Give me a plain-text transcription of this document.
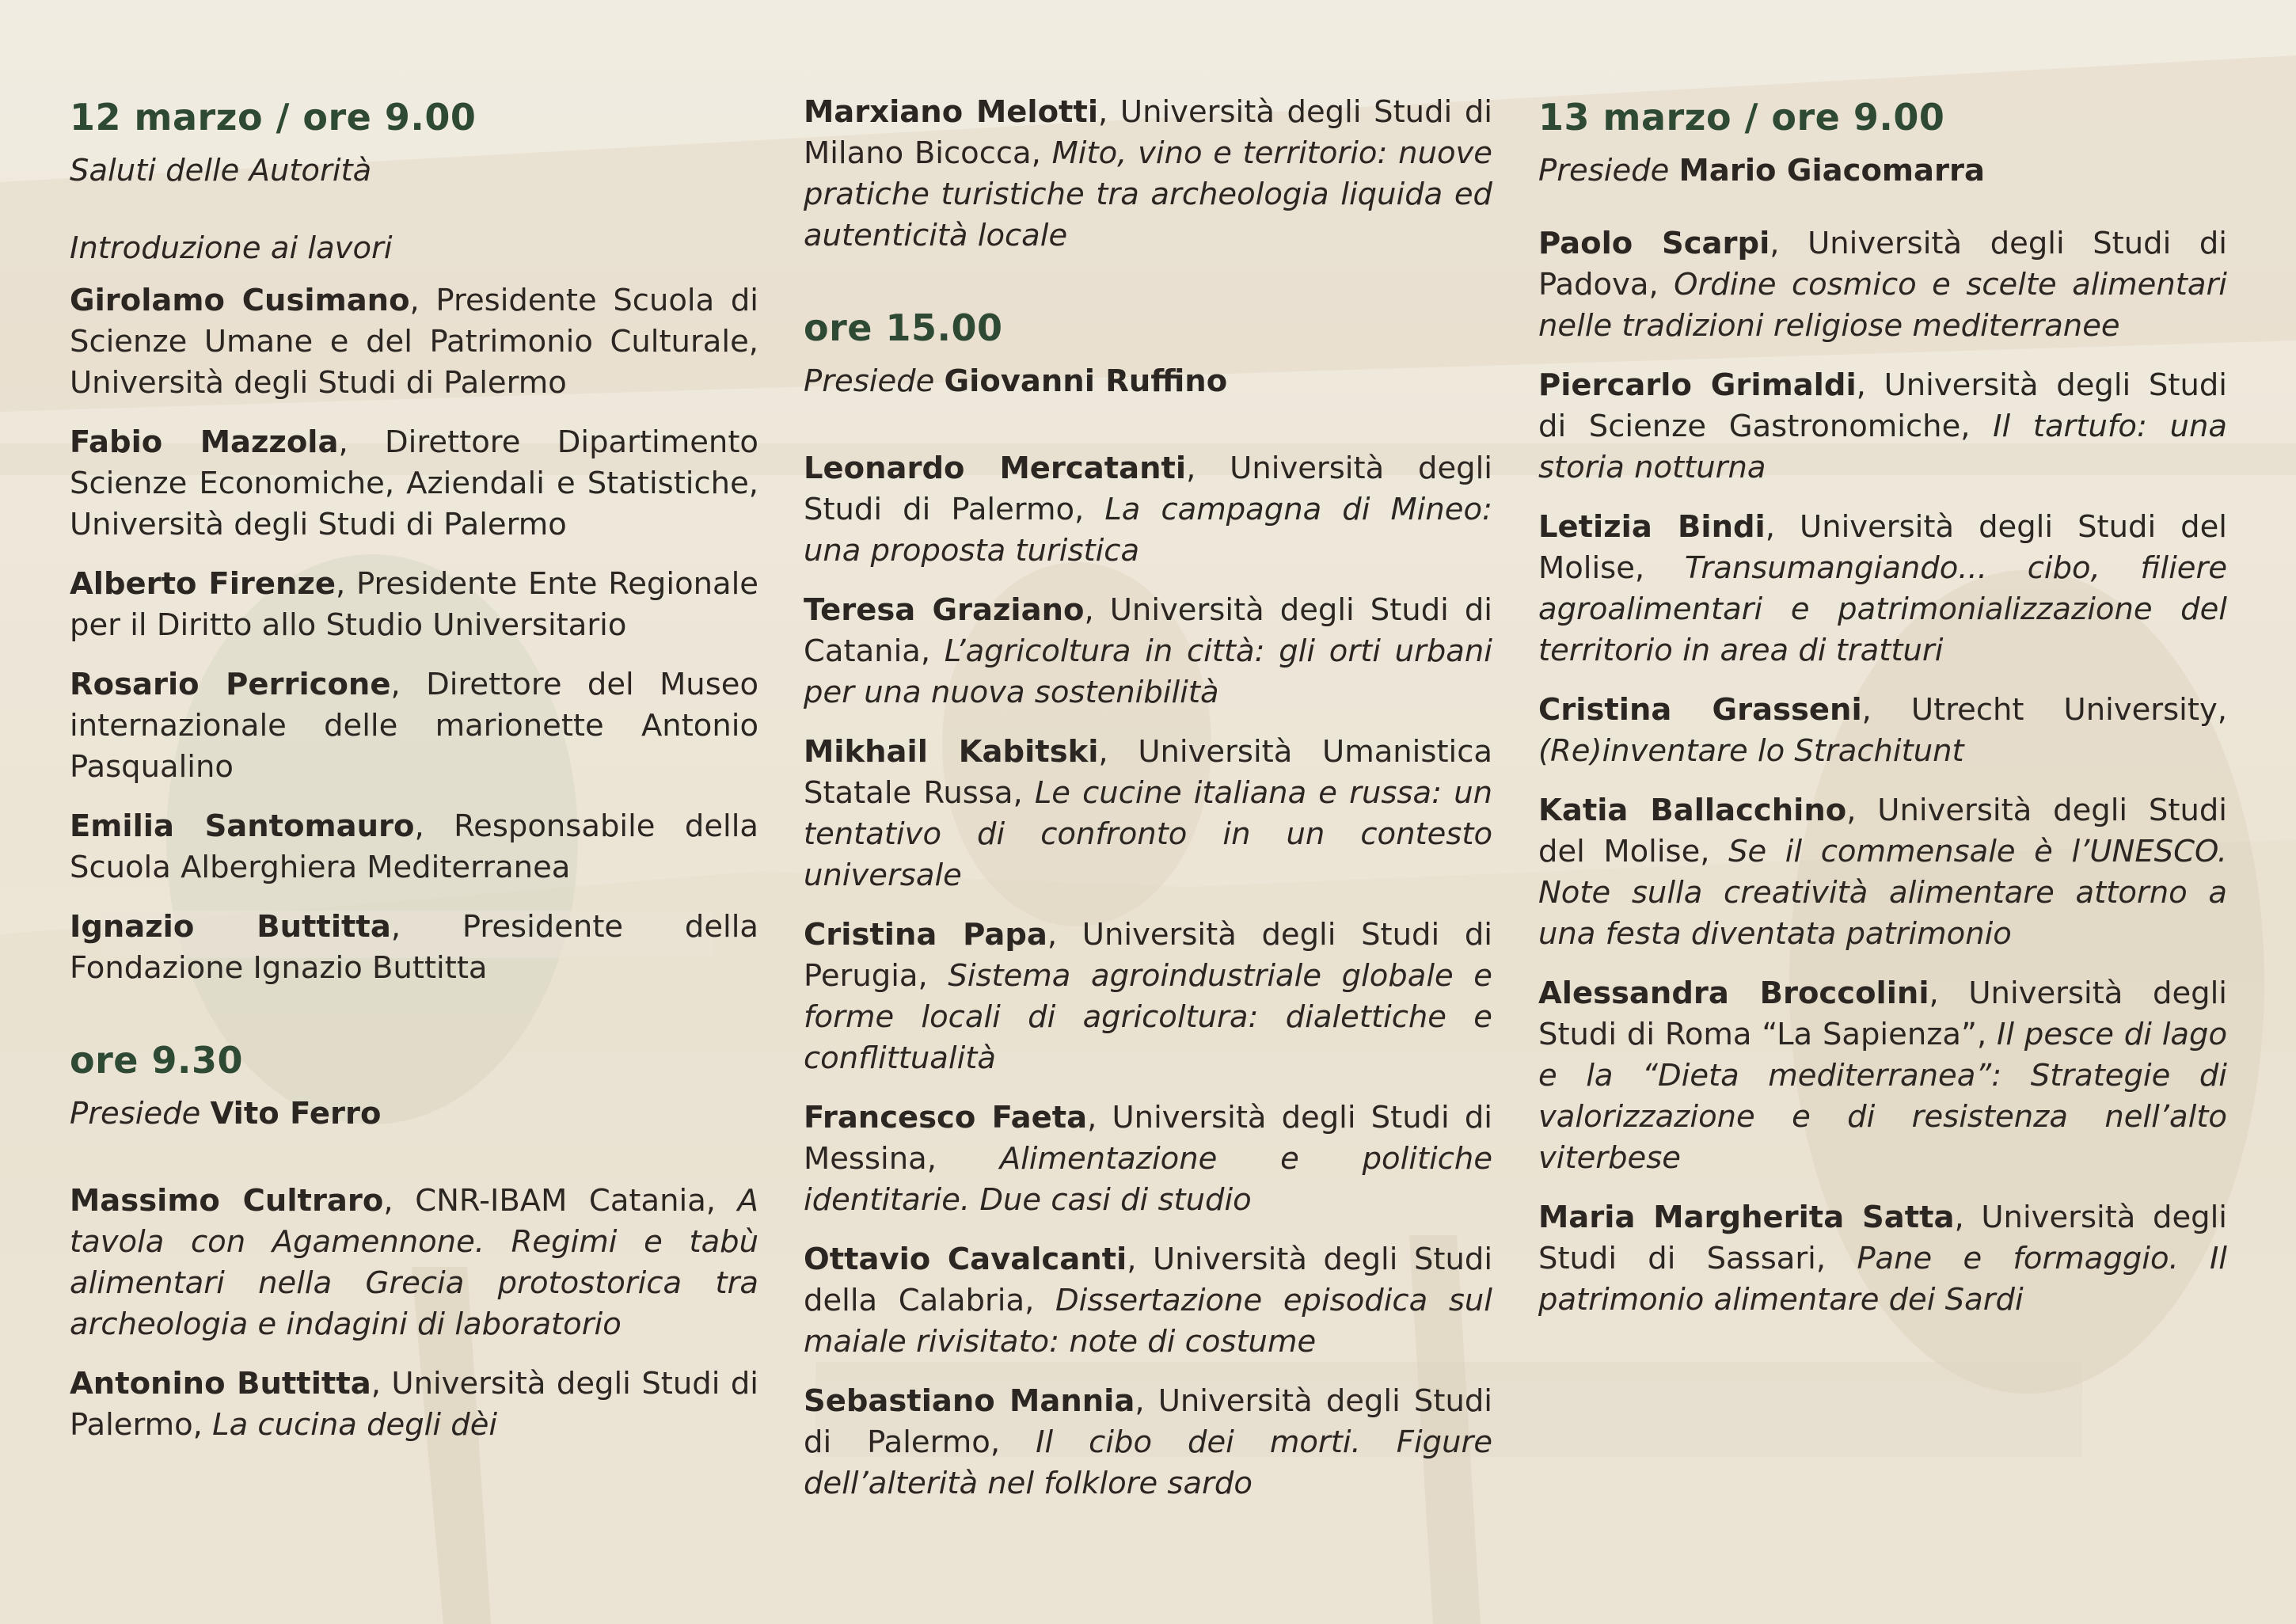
12 marzo / ore 9.00
Saluti delle Autorità
Introduzione ai lavori
Girolamo Cusimano, Presidente Scuola di Scienze Umane e del Patrimonio Culturale, Università degli Studi di Palermo
Fabio Mazzola, Direttore Dipartimento Scienze Economiche, Aziendali e Statistiche, Università degli Studi di Palermo
Alberto Firenze, Presidente Ente Regionale per il Diritto allo Studio Universitario
Rosario Perricone, Direttore del Museo internazionale delle marionette Antonio Pasqualino
Emilia Santomauro, Responsabile della Scuola Alberghiera Mediterranea
Ignazio Buttitta, Presidente della Fondazione Ignazio Buttitta
ore 9.30
Presiede Vito Ferro
Massimo Cultraro, CNR-IBAM Catania, A tavola con Agamennone. Regimi e tabù alimentari nella Grecia protostorica tra archeologia e indagini di laboratorio
Antonino Buttitta, Università degli Studi di Palermo, La cucina degli dèi
Marxiano Melotti, Università degli Studi di Milano Bicocca, Mito, vino e territorio: nuove pratiche turistiche tra archeologia liquida ed autenticità locale
ore 15.00
Presiede Giovanni Ruffino
Leonardo Mercatanti, Università degli Studi di Palermo, La campagna di Mineo: una proposta turistica
Teresa Graziano, Università degli Studi di Catania, L’agricoltura in città: gli orti urbani per una nuova sostenibilità
Mikhail Kabitski, Università Umanistica Statale Russa, Le cucine italiana e russa: un tentativo di confronto in un contesto universale
Cristina Papa, Università degli Studi di Perugia, Sistema agroindustriale globale e forme locali di agricoltura: dialettiche e conflittualità
Francesco Faeta, Università degli Studi di Messina, Alimentazione e politiche identitarie. Due casi di studio
Ottavio Cavalcanti, Università degli Studi della Calabria, Dissertazione episodica sul maiale rivisitato: note di costume
Sebastiano Mannia, Università degli Studi di Palermo, Il cibo dei morti. Figure dell’alterità nel folklore sardo
13 marzo / ore 9.00
Presiede Mario Giacomarra
Paolo Scarpi, Università degli Studi di Padova, Ordine cosmico e scelte alimentari nelle tradizioni religiose mediterranee
Piercarlo Grimaldi, Università degli Studi di Scienze Gastronomiche, Il tartufo: una storia notturna
Letizia Bindi, Università degli Studi del Molise, Transumangiando... cibo, filiere agroalimentari e patrimonializzazione del territorio in area di tratturi
Cristina Grasseni, Utrecht University, (Re)inventare lo Strachitunt
Katia Ballacchino, Università degli Studi del Molise, Se il commensale è l’UNESCO. Note sulla creatività alimentare attorno a una festa diventata patrimonio
Alessandra Broccolini, Università degli Studi di Roma “La Sapienza”, Il pesce di lago e la “Dieta mediterranea”: Strategie di valorizzazione e di resistenza nell’alto viterbese
Maria Margherita Satta, Università degli Studi di Sassari, Pane e formaggio. Il patrimonio alimentare dei Sardi
